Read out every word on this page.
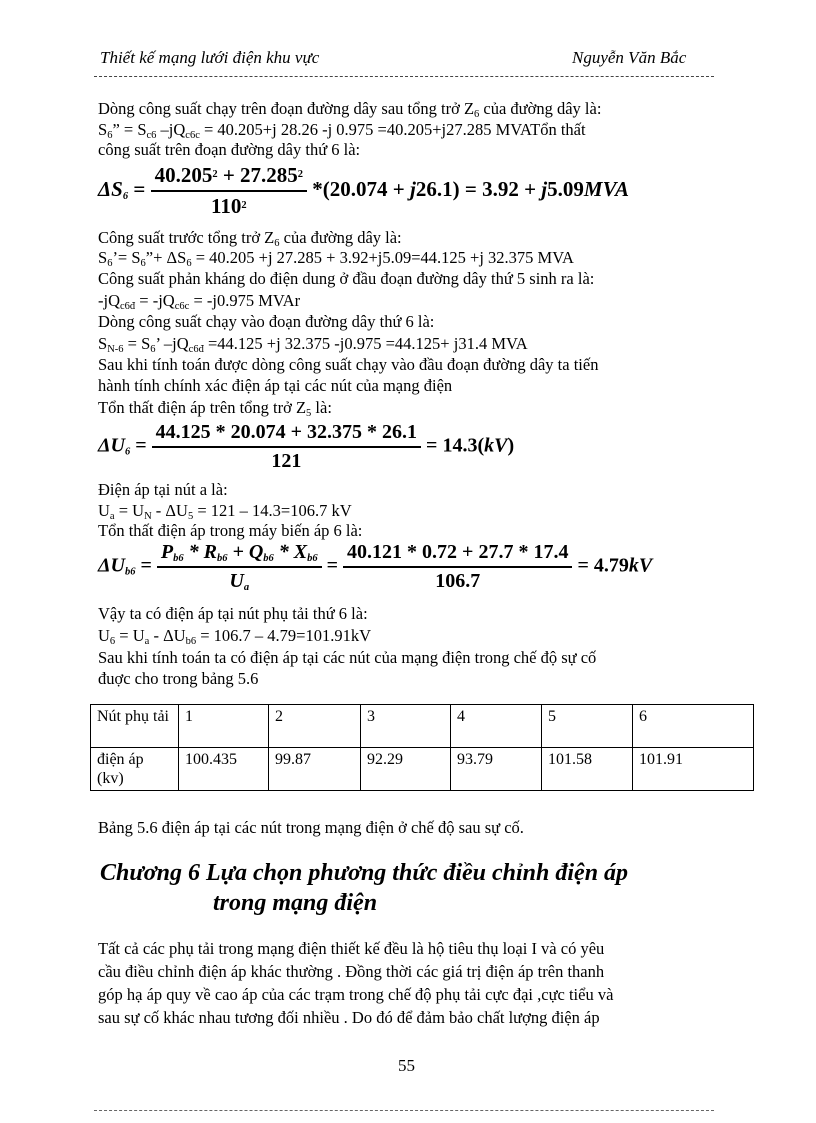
Thiết kế mạng lưới điện khu vực	Nguyễn Văn Bắc

Dòng công suất chạy trên đoạn đường dây sau tổng trở $Z_6$ của đường dây là:

$S_6$” = $S_{c6}$ $-jQ_{c6c} = 40.205+j$ 28.26 -j 0.975 =40.205+j27.285 MVATổn thất

công suất trên đoạn đường dây thứ 6 là:

$\Delta S_6 = \frac{40.205^2 + 27.285^2}{110^2} *(20.074 + j26.1) = 3.92 + j5.09MVA$

Công suất trước tổng trở $Z_6$ của đường dây là:

$S_6’=$ $S_6”+ \Delta S_6 = 40.205 +j$ 27.285 + 3.92+j5.09=44.125 +j 32.375 MVA

Công suất phản kháng do điện dung ở đầu đoạn đường dây thứ 5 sinh ra là:

$-jQ_{c6đ} = -jQ_{c6c} = -j0.975$ MVAr

Dòng công suất chạy vào đoạn đường dây thứ 6 là:

$S_{N-6} = S_6$’ $-jQ_{c6đ} =44.125 +j$ 32.375 -j0.975 =44.125+ j31.4 MVA

Sau khi tính toán được dòng công suất chạy vào đầu đoạn đường dây ta tiến

hành tính chính xác điện áp tại các nút của mạng điện

Tổn thất điện áp trên tổng trở $Z_5$ là:

$\Delta U_6 = \frac{44.125 * 20.074 + 32.375 * 26.1}{121} = 14.3(kV)$

Điện áp tại nút a là:

$U_a = U_N - \Delta U_5 = 121 - 14.3=106.7$ kV

Tổn thất điện áp trong máy biến áp 6 là:

$\Delta U_{b6} = \frac{P_{b6} * R_{b6} + Q_{b6} * X_{b6}}{U_a} = \frac{40.121 * 0.72 + 27.7 * 17.4}{106.7} = 4.79kV$

Vậy ta có điện áp tại nút phụ tải thứ 6 là:

$U_6 = U_a - \Delta U_{b6} = 106.7 - 4.79=101.91kV$

Sau khi tính toán ta có điện áp tại các nút của mạng điện trong chế độ sự cố

đuợc cho trong bảng 5.6

Nút phụ tải	1	2	3	4	5	6
điện áp (kv)	100.435	99.87	92.29	93.79	101.58	101.91
Bảng 5.6 điện áp tại các nút trong mạng điện ở chế độ sau sự cố.
Chương 6 Lựa chọn phương thức điều chỉnh điện áp
trong mạng điện

Tất cả các phụ tải trong mạng điện thiết kế đều là hộ tiêu thụ loại I và có yêu

cầu điều chỉnh điện áp khác thường . Đồng thời các giá trị điện áp trên thanh

góp hạ áp quy về cao áp của các trạm trong chế độ phụ tải cực đại ,cực tiểu và

sau sự cố khác nhau tương đối nhiều . Do đó để đảm bảo chất lượng điện áp

55
